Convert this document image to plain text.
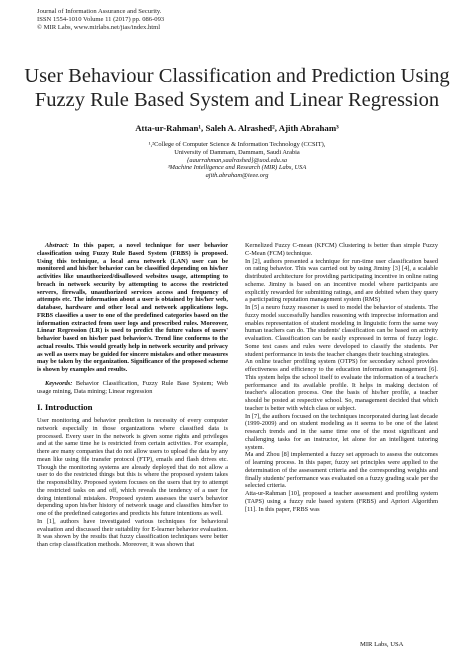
Journal of Information Assurance and Security.
ISSN 1554-1010 Volume 11 (2017) pp. 086-093
© MIR Labs, www.mirlabs.net/jias/index.html
User Behaviour Classification and Prediction Using
Fuzzy Rule Based System and Linear Regression
Atta-ur-Rahman¹, Saleh A. Alrashed², Ajith Abraham³
¹,²College of Computer Science & Information Technology (CCSIT),
University of Dammam, Dammam, Saudi Arabia
{aaurrahman,saalrashed}@uod.edu.sa
³Machine Intelligence and Research (MIR) Labs, USA
ajith.abraham@ieee.org

Abstract: In this paper, a novel technique for user behavior classification using Fuzzy Rule Based System (FRBS) is proposed. Using this technique, a local area network (LAN) user can be monitored and his/her behavior can be classified depending on his/her activities like unauthorized/disallowed websites usage, attempting to breach in network security by attempting to access the restricted servers, firewalls, unauthorized services access and frequency of attempts etc. The information about a user is obtained by his/her web, database, hardware and other local and network applications logs. FRBS classifies a user to one of the predefined categories based on the information extracted from user logs and prescribed rules. Moreover, Linear Regression (LR) is used to predict the future values of users' behavior based on his/her past behavior/s. Trend line conforms to the actual results. This would greatly help in network security and privacy as well as users may be guided for sincere mistakes and other measures may be taken by the organization. Significance of the proposed scheme is shown by examples and results.

Keywords: Behavior Classification, Fuzzy Rule Base System; Web usage mining, Data mining; Linear regression

I. Introduction

User monitoring and behavior prediction is necessity of every computer network especially in those organizations where classified data is processed. Every user in the network is given some rights and privileges and at the same time he is restricted from certain activities. For example, there are many companies that do not allow users to upload the data by any mean like using file transfer protocol (FTP), emails and flash drives etc. Though the monitoring systems are already deployed that do not allow a user to do the restricted things but this is where the proposed system takes the responsibility. Proposed system focuses on the users that try to attempt the restricted tasks on and off, which reveals the tendency of a user for doing intentional mistakes. Proposed system assesses the user's behavior depending upon his/her history of network usage and classifies him/her to one of the predefined categories and predicts his future intentions as well.

In [1], authors have investigated various techniques for behavioral evaluation and discussed their suitability for E-learner behavior evaluation. It was shown by the results that fuzzy classification techniques were better than crisp classification methods. Moreover, it was shown that

Kernelized Fuzzy C-mean (KFCM) Clustering is better than simple Fuzzy C-Mean (FCM) technique.

In [2], authors presented a technique for run-time user classification based on rating behavior. This was carried out by using Jiminy [3] [4], a scalable distributed architecture for providing participating incentive in online rating scheme. Jiminy is based on an incentive model where participants are explicitly rewarded for submitting ratings, and are debited when they query a participating reputation management system (RMS)

In [5] a neuro fuzzy reasoner is used to model the behavior of students. The fuzzy model successfully handles reasoning with imprecise information and enables representation of student modeling in linguistic form the same way human teachers can do. The students' classification can be based on activity evaluation. Classification can be easily expressed in terms of fuzzy logic. Some test cases and rules were developed to classify the students. Per student performance in tests the teacher changes their teaching strategies.

An online teacher profiling system (OTPS) for secondary school provides effectiveness and efficiency to the education information management [6]. This system helps the school itself to evaluate the information of a teacher's performance and its available profile. It helps in making decision of teacher's allocation process. One the basis of his/her profile, a teacher should be posted at respective school. So, management decided that which teacher is better with which class or subject.

In [7], the authors focused on the techniques incorporated during last decade (1999-2009) and on student modeling as it seems to be one of the latest research trends and in the same time one of the most significant and challenging tasks for an instructor, let alone for an intelligent tutoring system.

Ma and Zhou [8] implemented a fuzzy set approach to assess the outcomes of learning process. In this paper, fuzzy set principles were applied to the determination of the assessment criteria and the corresponding weights and finally students' performance was evaluated on a fuzzy grading scale per the selected criteria.

Atta-ur-Rahman [10], proposed a teacher assessment and profiling system (TAPS) using a fuzzy rule based system (FRBS) and Apriori Algorithm [11]. In this paper, FRBS was

MIR Labs, USA
